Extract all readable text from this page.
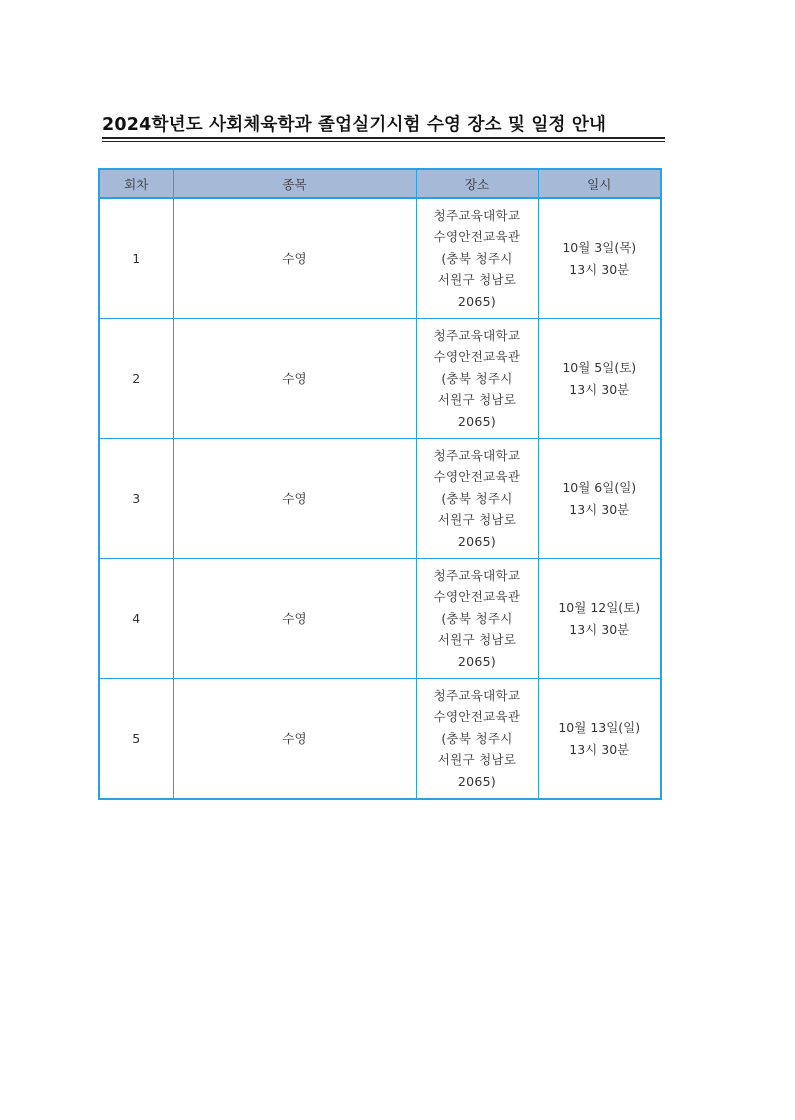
2024학년도 사회체육학과 졸업실기시험 수영 장소 및 일정 안내
회차	종목	장소	일시
1	수영	청주교육대학교
수영안전교육관
(충북 청주시
서원구 청남로
2065)	10월 3일(목)
13시 30분

2	수영	청주교육대학교
수영안전교육관
(충북 청주시
서원구 청남로
2065)	10월 5일(토)
13시 30분

3	수영	청주교육대학교
수영안전교육관
(충북 청주시
서원구 청남로
2065)	10월 6일(일)
13시 30분

4	수영	청주교육대학교
수영안전교육관
(충북 청주시
서원구 청남로
2065)	10월 12일(토)
13시 30분

5	수영	청주교육대학교
수영안전교육관
(충북 청주시
서원구 청남로
2065)	10월 13일(일)
13시 30분
